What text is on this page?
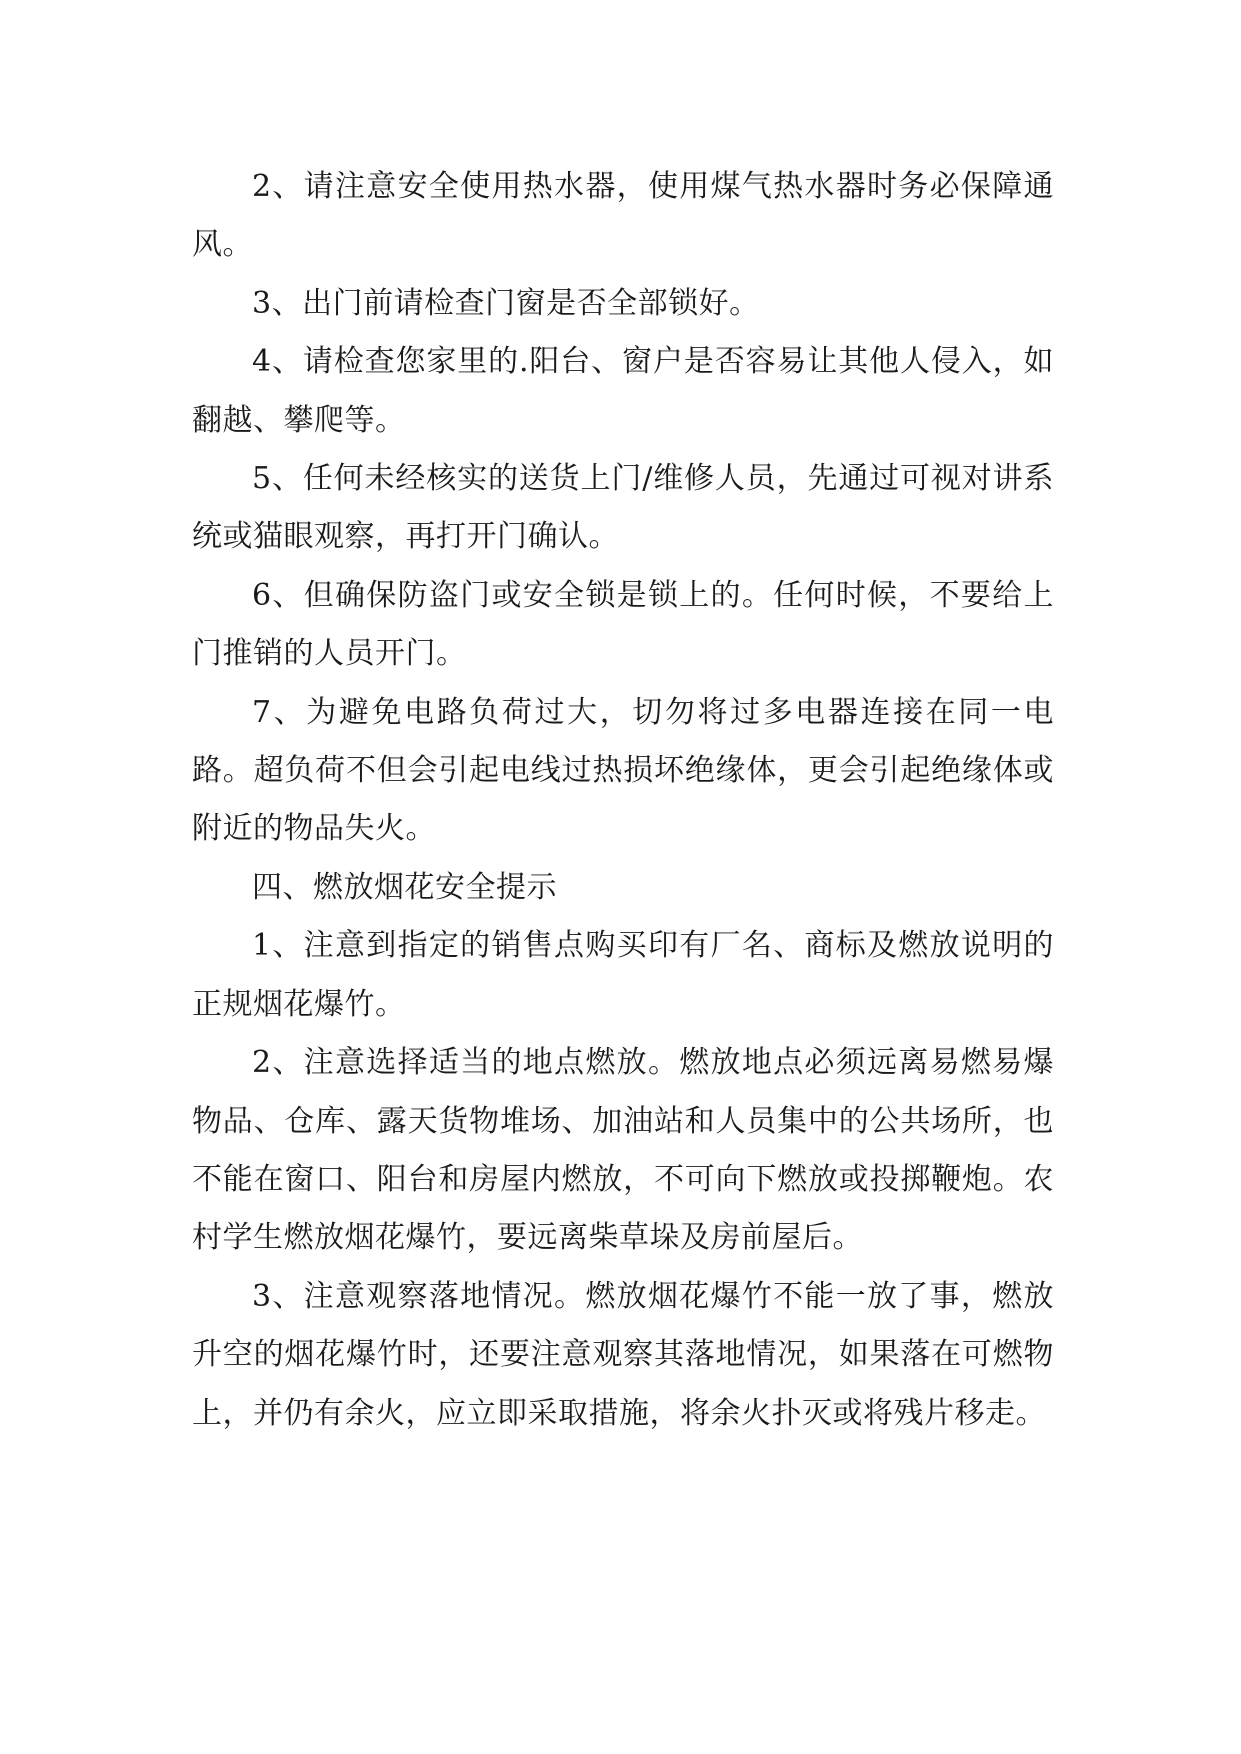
2、请注意安全使用热水器，使用煤气热水器时务必保障通风。

3、出门前请检查门窗是否全部锁好。

4、请检查您家里的.阳台、窗户是否容易让其他人侵入，如翻越、攀爬等。

5、任何未经核实的送货上门/维修人员，先通过可视对讲系统或猫眼观察，再打开门确认。

6、但确保防盗门或安全锁是锁上的。任何时候，不要给上门推销的人员开门。

7、为避免电路负荷过大，切勿将过多电器连接在同一电路。超负荷不但会引起电线过热损坏绝缘体，更会引起绝缘体或附近的物品失火。

四、燃放烟花安全提示

1、注意到指定的销售点购买印有厂名、商标及燃放说明的正规烟花爆竹。

2、注意选择适当的地点燃放。燃放地点必须远离易燃易爆物品、仓库、露天货物堆场、加油站和人员集中的公共场所，也不能在窗口、阳台和房屋内燃放，不可向下燃放或投掷鞭炮。农村学生燃放烟花爆竹，要远离柴草垛及房前屋后。

3、注意观察落地情况。燃放烟花爆竹不能一放了事，燃放升空的烟花爆竹时，还要注意观察其落地情况，如果落在可燃物上，并仍有余火，应立即采取措施，将余火扑灭或将残片移走。
